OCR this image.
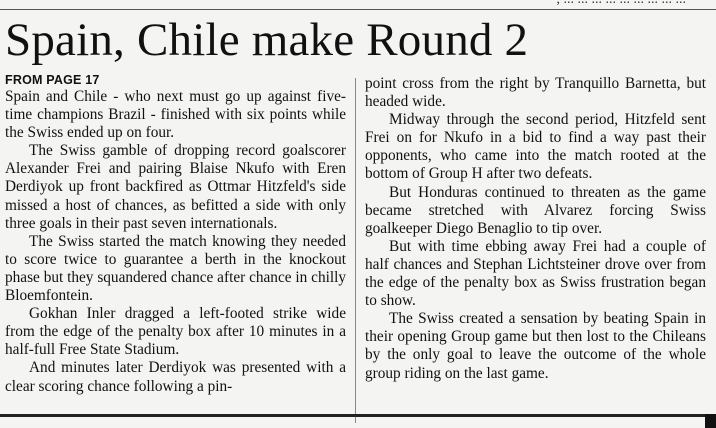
Spain, Chile make Round 2
FROM PAGE 17

Spain and Chile - who next must go up against five-time champions Brazil - finished with six points while the Swiss ended up on four.

The Swiss gamble of dropping record goalscorer Alexander Frei and pairing Blaise Nkufo with Eren Derdiyok up front backfired as Ottmar Hitzfeld's side missed a host of chances, as befitted a side with only three goals in their past seven internationals.

The Swiss started the match knowing they needed to score twice to guarantee a berth in the knockout phase but they squandered chance after chance in chilly Bloemfontein.

Gokhan Inler dragged a left-footed strike wide from the edge of the penalty box after 10 minutes in a half-full Free State Stadium.

And minutes later Derdiyok was presented with a clear scoring chance following a pin-

point cross from the right by Tranquillo Barnetta, but headed wide.

Midway through the second period, Hitzfeld sent Frei on for Nkufo in a bid to find a way past their opponents, who came into the match rooted at the bottom of Group H after two defeats.

But Honduras continued to threaten as the game became stretched with Alvarez forcing Swiss goalkeeper Diego Benaglio to tip over.

But with time ebbing away Frei had a couple of half chances and Stephan Lichtsteiner drove over from the edge of the penalty box as Swiss frustration began to show.

The Swiss created a sensation by beating Spain in their opening Group game but then lost to the Chileans by the only goal to leave the outcome of the whole group riding on the last game.
